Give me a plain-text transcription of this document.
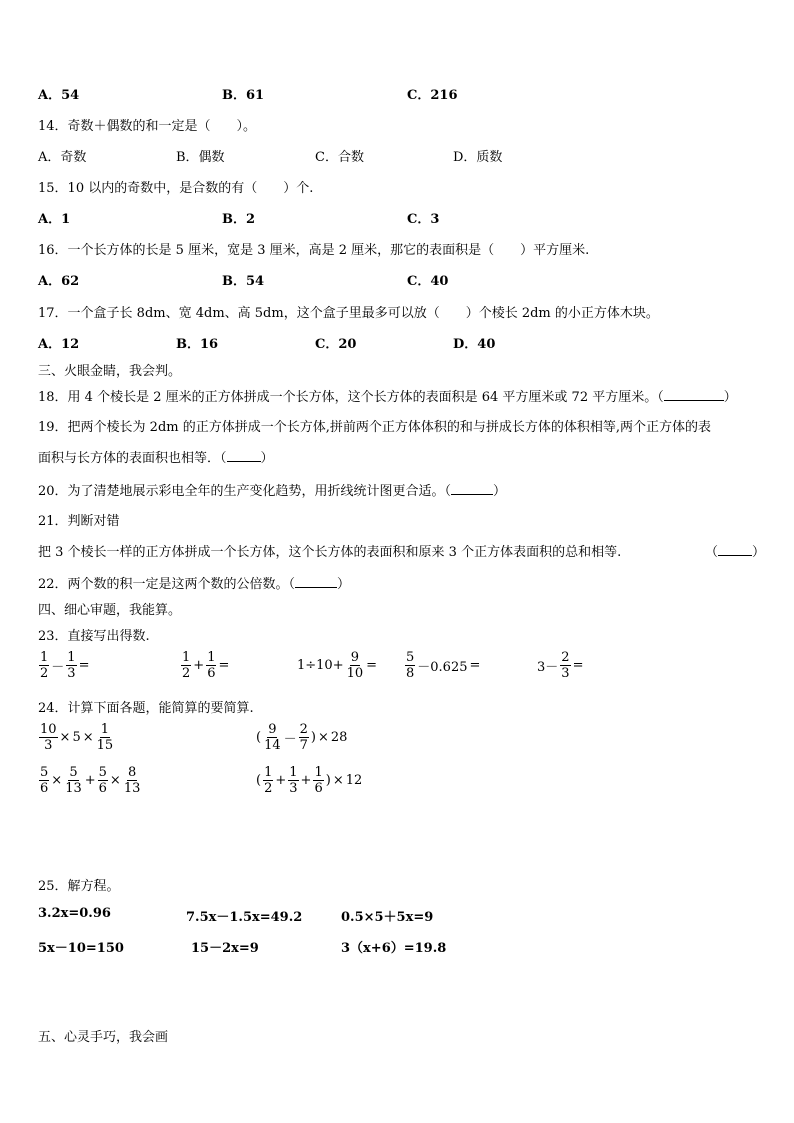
A．54	B．61	C．216
14．奇数＋偶数的和一定是（　　）。
A．奇数	B．偶数	C．合数	D．质数
15．10 以内的奇数中，是合数的有（　　）个.
A．1	B．2	C．3
16．一个长方体的长是 5 厘米，宽是 3 厘米，高是 2 厘米，那它的表面积是（　　）平方厘米.
A．62	B．54	C．40
17．一个盒子长 8dm、宽 4dm、高 5dm，这个盒子里最多可以放（　　）个棱长 2dm 的小正方体木块。
A．12	B．16	C．20	D．40
三、火眼金睛，我会判。
18．用 4 个棱长是 2 厘米的正方体拼成一个长方体，这个长方体的表面积是 64 平方厘米或 72 平方厘米。（	）
19．把两个棱长为 2dm 的正方体拼成一个长方体,拼前两个正方体体积的和与拼成长方体的体积相等,两个正方体的表
面积与长方体的表面积也相等．（	）
20．为了清楚地展示彩电全年的生产变化趋势，用折线统计图更合适。（	）
21．判断对错
把 3 个棱长一样的正方体拼成一个长方体，这个长方体的表面积和原来 3 个正方体表面积的总和相等.	（	）
22．两个数的积一定是这两个数的公倍数。（	）
四、细心审题，我能算。
23．直接写出得数.
$\frac{1}{2} - \frac{1}{3}$ =	$\frac{1}{2} + \frac{1}{6}$ =	$1\div 10+ \frac{9}{10} = \frac{5}{8} -0.625$ =	$3- \frac{2}{3}$ =
24．计算下面各题，能简算的要简算.
$\frac{10}{3} \times 5 \times \frac{1}{15}$	( $\frac{9}{14} - \frac{2}{7}$ ) × 28
$\frac{5}{6} \times \frac{5}{13} + \frac{5}{6} \times \frac{8}{13}$	( $\frac{1}{2} + \frac{1}{3} + \frac{1}{6}$ ) × 12
25．解方程。
3.2x=0.96	7.5x－1.5x=49.2	0.5×5＋5x=9
5x－10=150	15－2x=9	3（x+6）=19.8
五、心灵手巧，我会画
